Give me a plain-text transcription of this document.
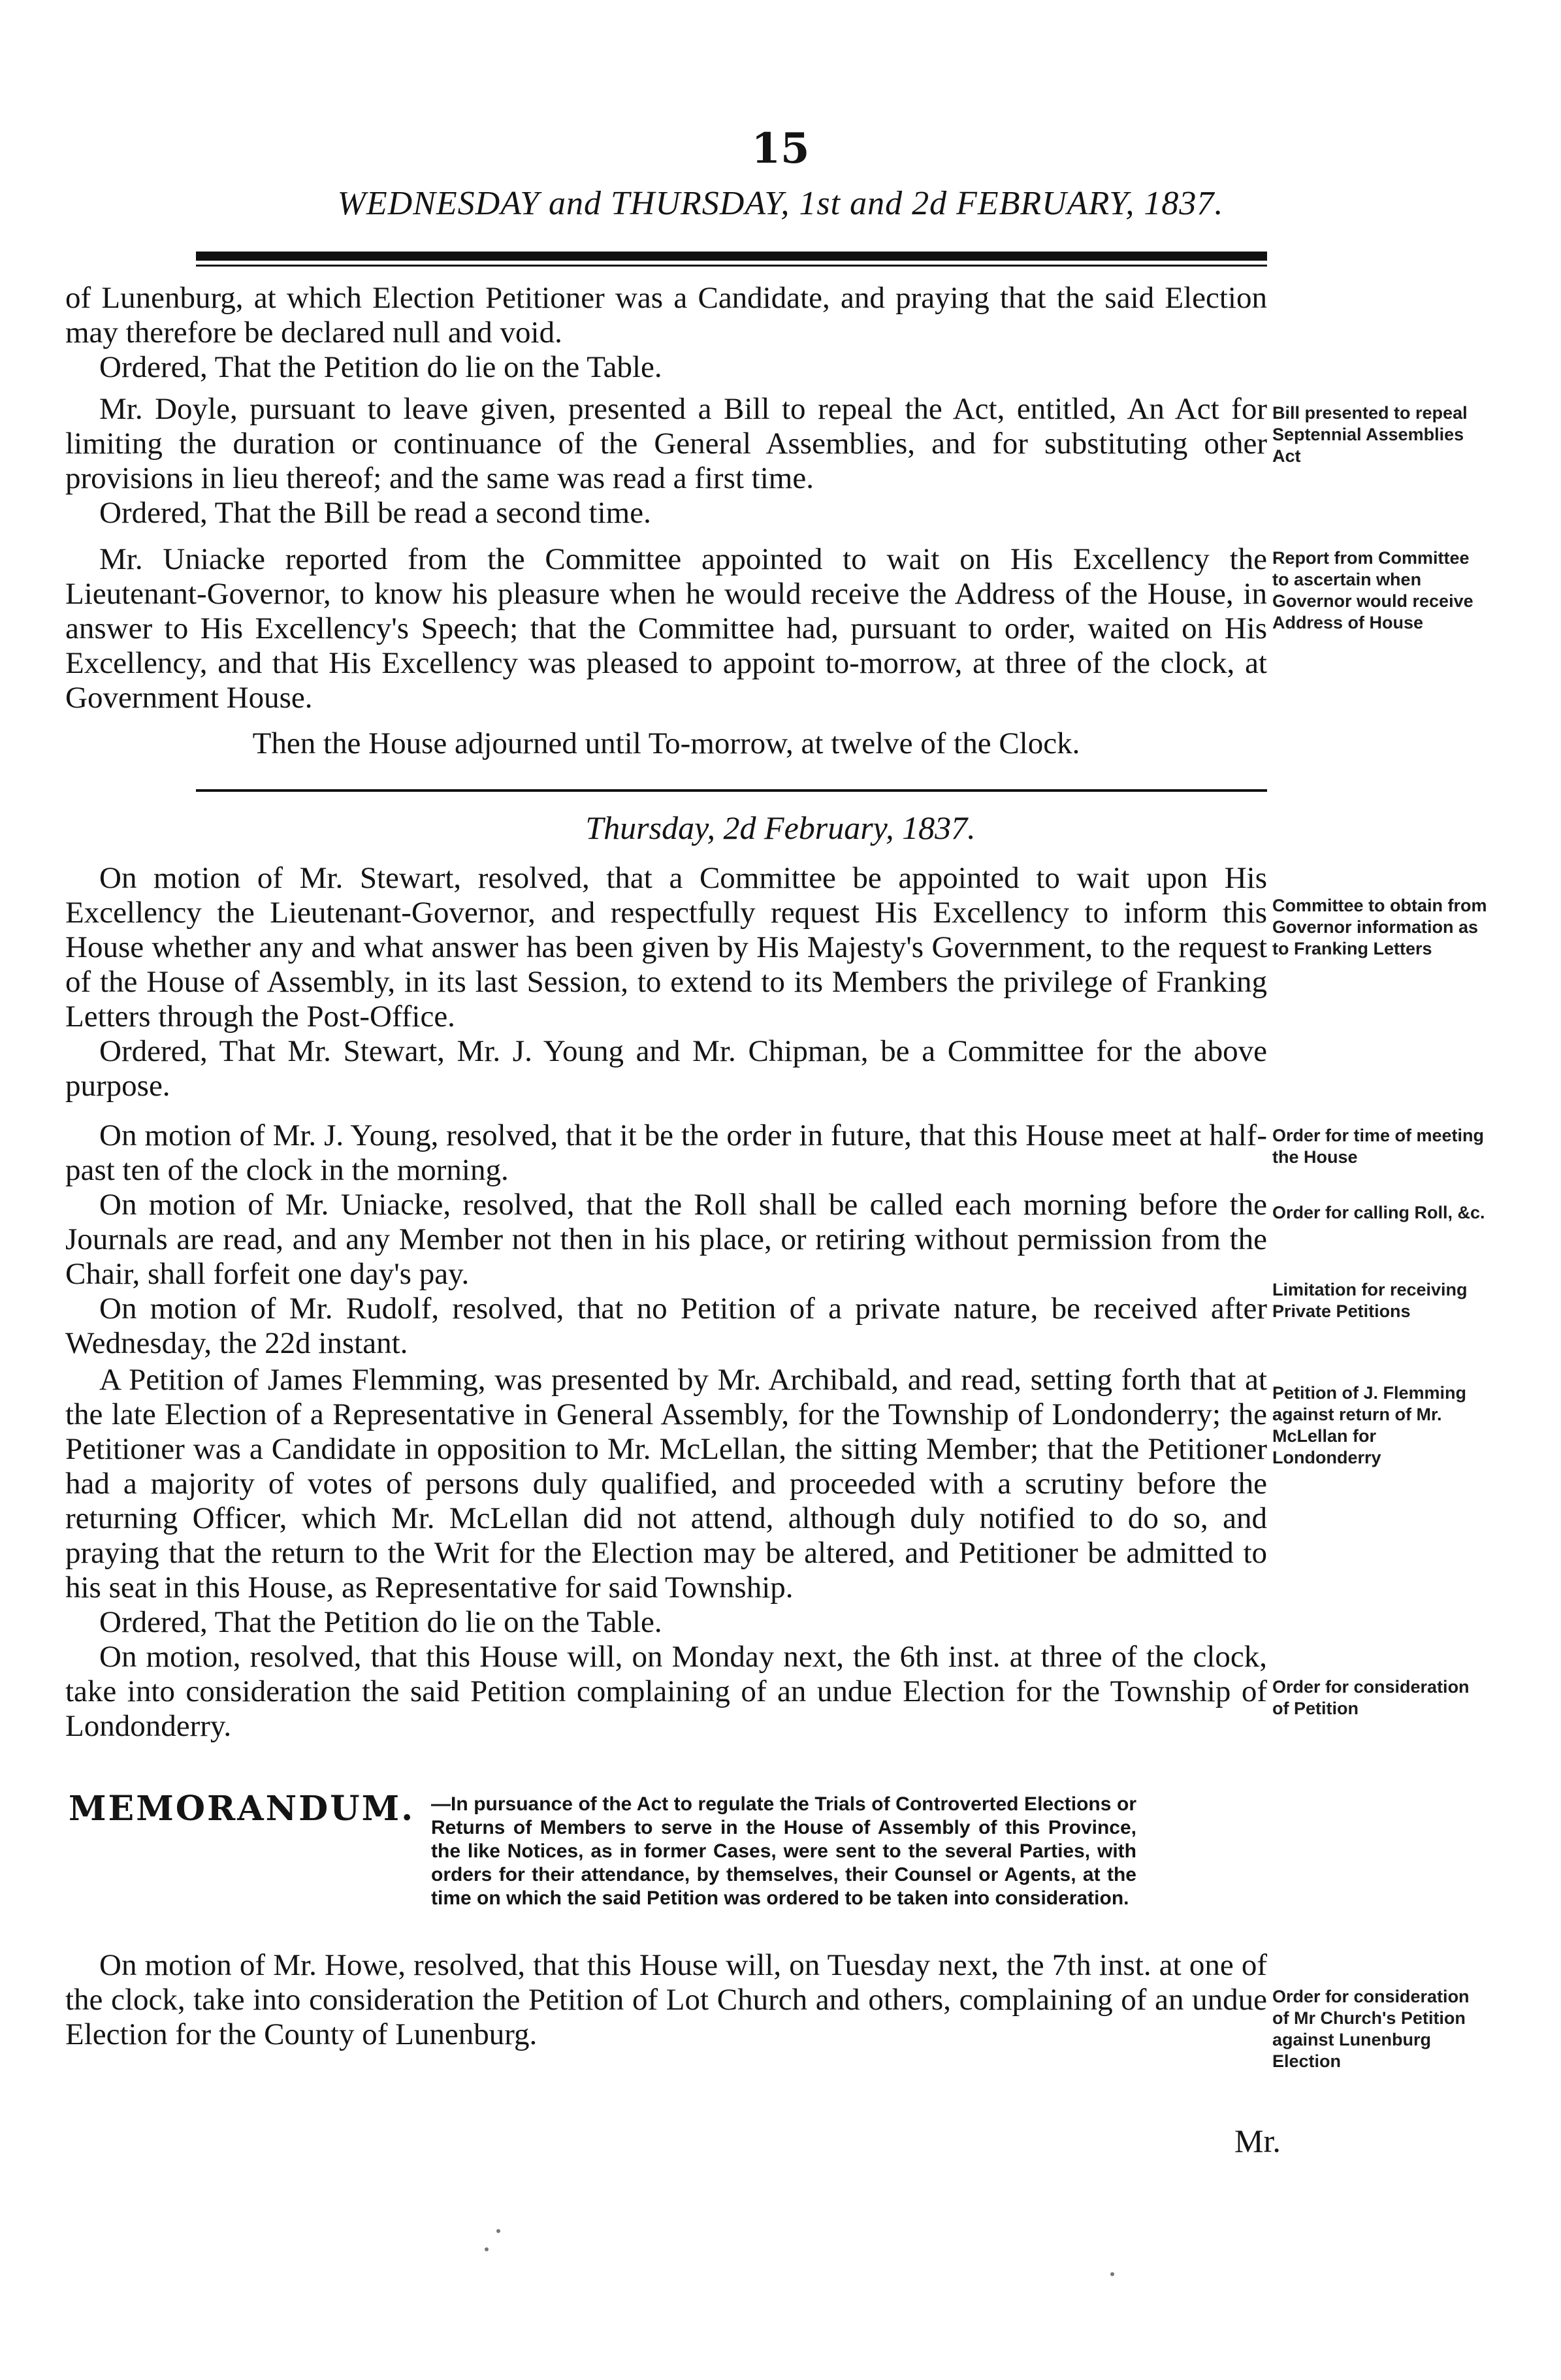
15
WEDNESDAY and THURSDAY, 1st and 2d FEBRUARY, 1837.

of Lunenburg, at which Election Petitioner was a Candidate, and praying that the said Election may therefore be declared null and void.

Ordered, That the Petition do lie on the Table.

Mr. Doyle, pursuant to leave given, presented a Bill to repeal the Act, entitled, An Act for limiting the duration or continuance of the General Assemblies, and for substituting other provisions in lieu thereof; and the same was read a first time.

Ordered, That the Bill be read a second time.

Mr. Uniacke reported from the Committee appointed to wait on His Excellency the Lieutenant-Governor, to know his pleasure when he would receive the Address of the House, in answer to His Excellency's Speech; that the Committee had, pursuant to order, waited on His Excellency, and that His Excellency was pleased to appoint to-morrow, at three of the clock, at Government House.

Then the House adjourned until To-morrow, at twelve of the Clock.

Thursday, 2d February, 1837.

On motion of Mr. Stewart, resolved, that a Committee be appointed to wait upon His Excellency the Lieutenant-Governor, and respectfully request His Excellency to inform this House whether any and what answer has been given by His Majesty's Government, to the request of the House of Assembly, in its last Session, to extend to its Members the privilege of Franking Letters through the Post-Office.

Ordered, That Mr. Stewart, Mr. J. Young and Mr. Chipman, be a Committee for the above purpose.

On motion of Mr. J. Young, resolved, that it be the order in future, that this House meet at half-past ten of the clock in the morning.

On motion of Mr. Uniacke, resolved, that the Roll shall be called each morning before the Journals are read, and any Member not then in his place, or retiring without permission from the Chair, shall forfeit one day's pay.

On motion of Mr. Rudolf, resolved, that no Petition of a private nature, be received after Wednesday, the 22d instant.

A Petition of James Flemming, was presented by Mr. Archibald, and read, setting forth that at the late Election of a Representative in General Assembly, for the Township of Londonderry; the Petitioner was a Candidate in opposition to Mr. McLellan, the sitting Member; that the Petitioner had a majority of votes of persons duly qualified, and proceeded with a scrutiny before the returning Officer, which Mr. McLellan did not attend, although duly notified to do so, and praying that the return to the Writ for the Election may be altered, and Petitioner be admitted to his seat in this House, as Representative for said Township.

Ordered, That the Petition do lie on the Table.

On motion, resolved, that this House will, on Monday next, the 6th inst. at three of the clock, take into consideration the said Petition complaining of an undue Election for the Township of Londonderry.

MEMORANDUM. —In pursuance of the Act to regulate the Trials of Controverted Elections or Returns of Members to serve in the House of Assembly of this Province, the like Notices, as in former Cases, were sent to the several Parties, with orders for their attendance, by themselves, their Counsel or Agents, at the time on which the said Petition was ordered to be taken into consideration.

On motion of Mr. Howe, resolved, that this House will, on Tuesday next, the 7th inst. at one of the clock, take into consideration the Petition of Lot Church and others, complaining of an undue Election for the County of Lunenburg.

Mr.
Bill presented to repeal Septennial Assemblies Act
Report from Committee to ascertain when Governor would receive Address of House
Committee to obtain from Governor information as to Franking Letters
Order for time of meeting the House
Order for calling Roll, &c.
Limitation for receiving Private Petitions
Petition of J. Flemming against return of Mr. McLellan for Londonderry
Order for consideration of Petition
Order for consideration of Mr Church's Petition against Lunenburg Election
